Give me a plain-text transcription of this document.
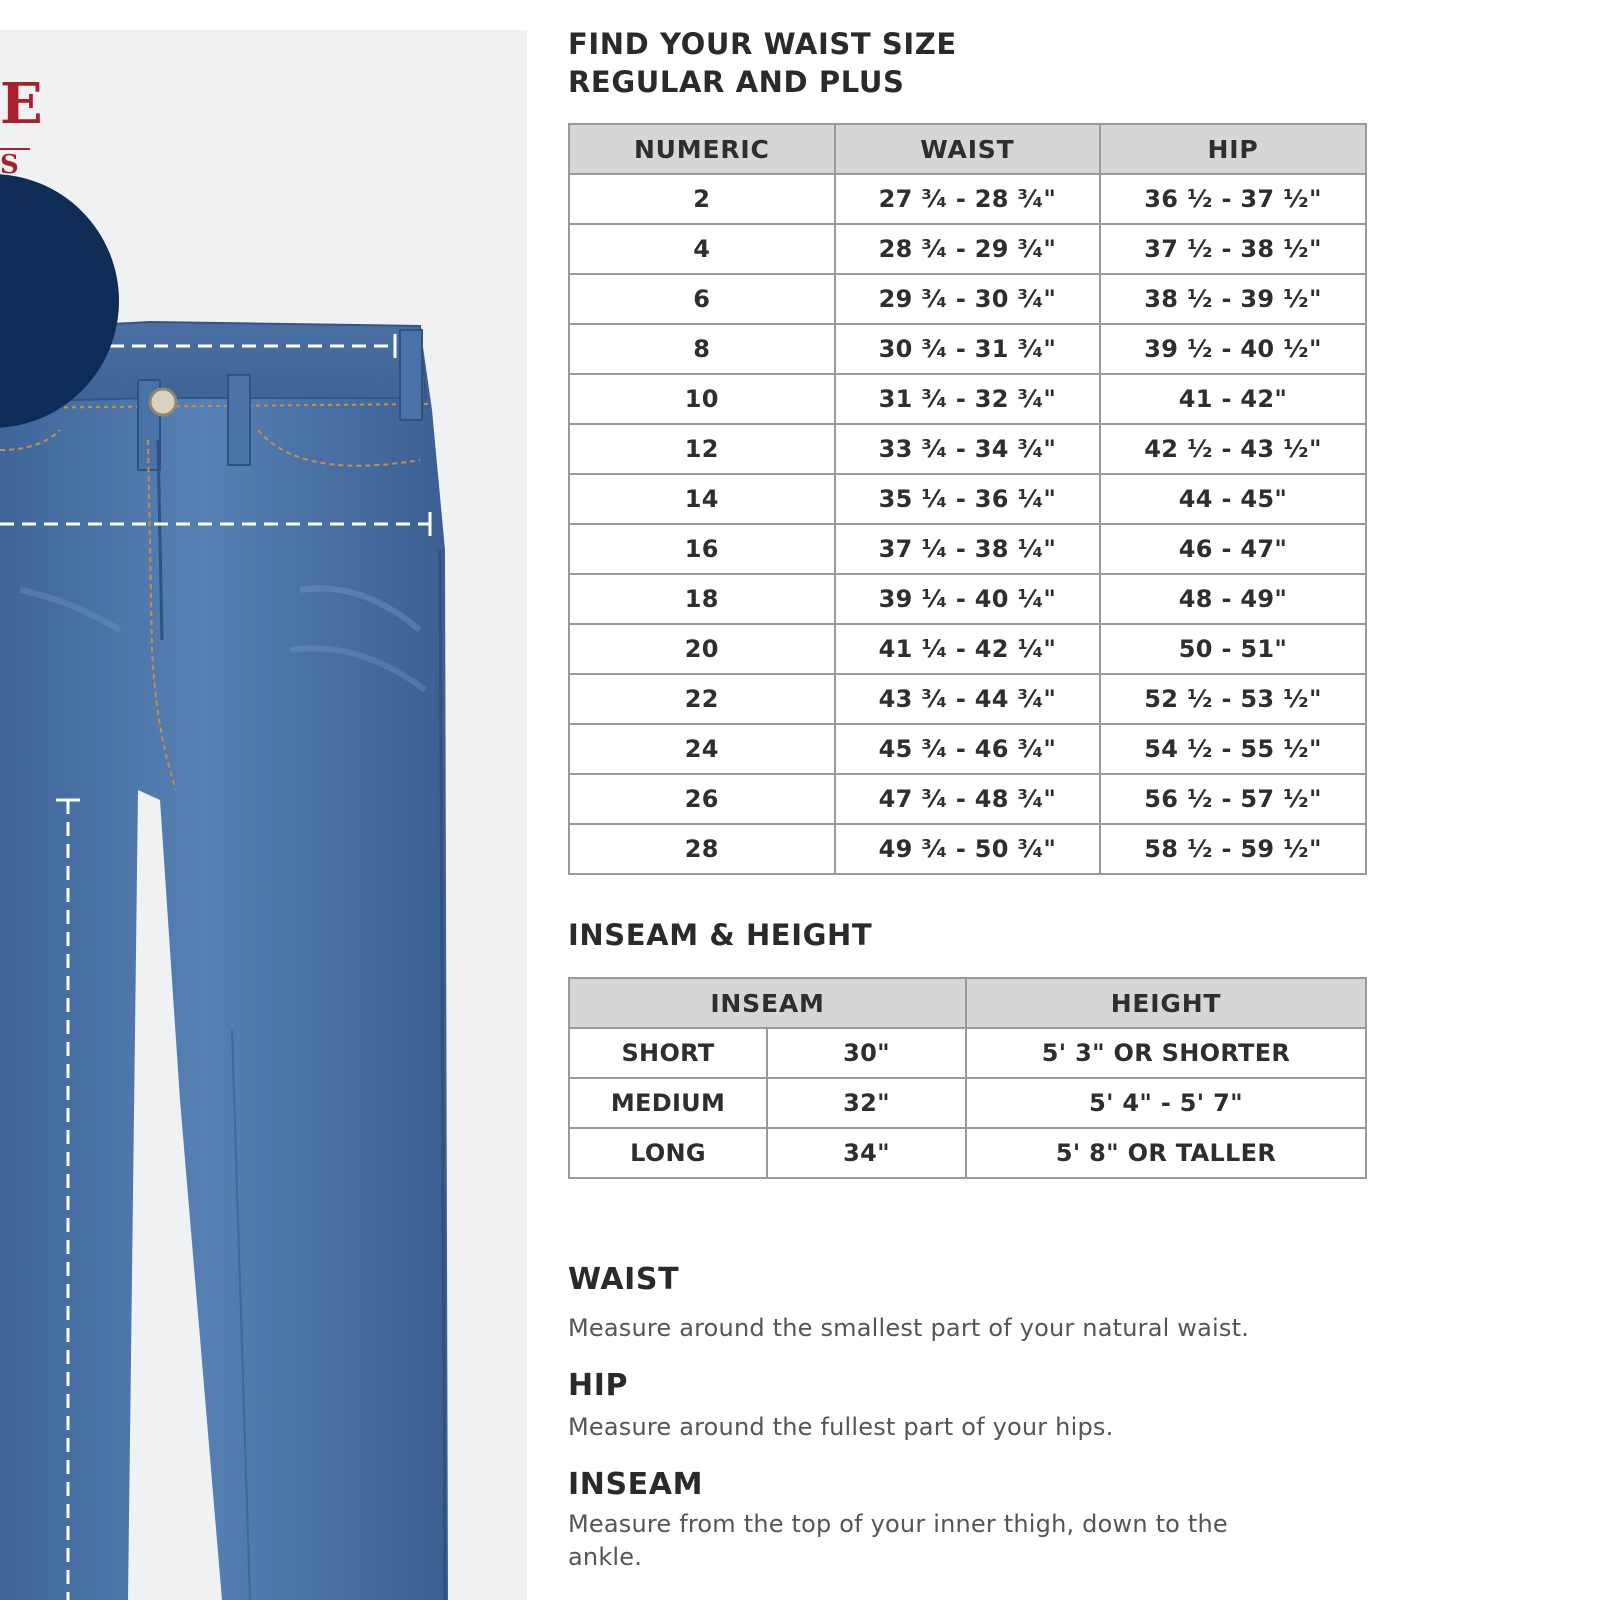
E
S
FIND YOUR WAIST SIZE
REGULAR AND PLUS
NUMERIC	WAIST	HIP
2	27 ³⁄₄ - 28 ³⁄₄"	36 ¹⁄₂ - 37 ¹⁄₂"
4	28 ³⁄₄ - 29 ³⁄₄"	37 ¹⁄₂ - 38 ¹⁄₂"
6	29 ³⁄₄ - 30 ³⁄₄"	38 ¹⁄₂ - 39 ¹⁄₂"
8	30 ³⁄₄ - 31 ³⁄₄"	39 ¹⁄₂ - 40 ¹⁄₂"
10	31 ³⁄₄ - 32 ³⁄₄"	41 - 42"
12	33 ³⁄₄ - 34 ³⁄₄"	42 ¹⁄₂ - 43 ¹⁄₂"
14	35 ¹⁄₄ - 36 ¹⁄₄"	44 - 45"
16	37 ¹⁄₄ - 38 ¹⁄₄"	46 - 47"
18	39 ¹⁄₄ - 40 ¹⁄₄"	48 - 49"
20	41 ¹⁄₄ - 42 ¹⁄₄"	50 - 51"
22	43 ³⁄₄ - 44 ³⁄₄"	52 ¹⁄₂ - 53 ¹⁄₂"
24	45 ³⁄₄ - 46 ³⁄₄"	54 ¹⁄₂ - 55 ¹⁄₂"
26	47 ³⁄₄ - 48 ³⁄₄"	56 ¹⁄₂ - 57 ¹⁄₂"
28	49 ³⁄₄ - 50 ³⁄₄"	58 ¹⁄₂ - 59 ¹⁄₂"
INSEAM & HEIGHT
INSEAM		HEIGHT
SHORT	30"	5' 3" OR SHORTER
MEDIUM	32"	5' 4" - 5' 7"
LONG	34"	5' 8" OR TALLER
WAIST

Measure around the smallest part of your natural waist.

HIP

Measure around the fullest part of your hips.

INSEAM

Measure from the top of your inner thigh, down to the ankle.
